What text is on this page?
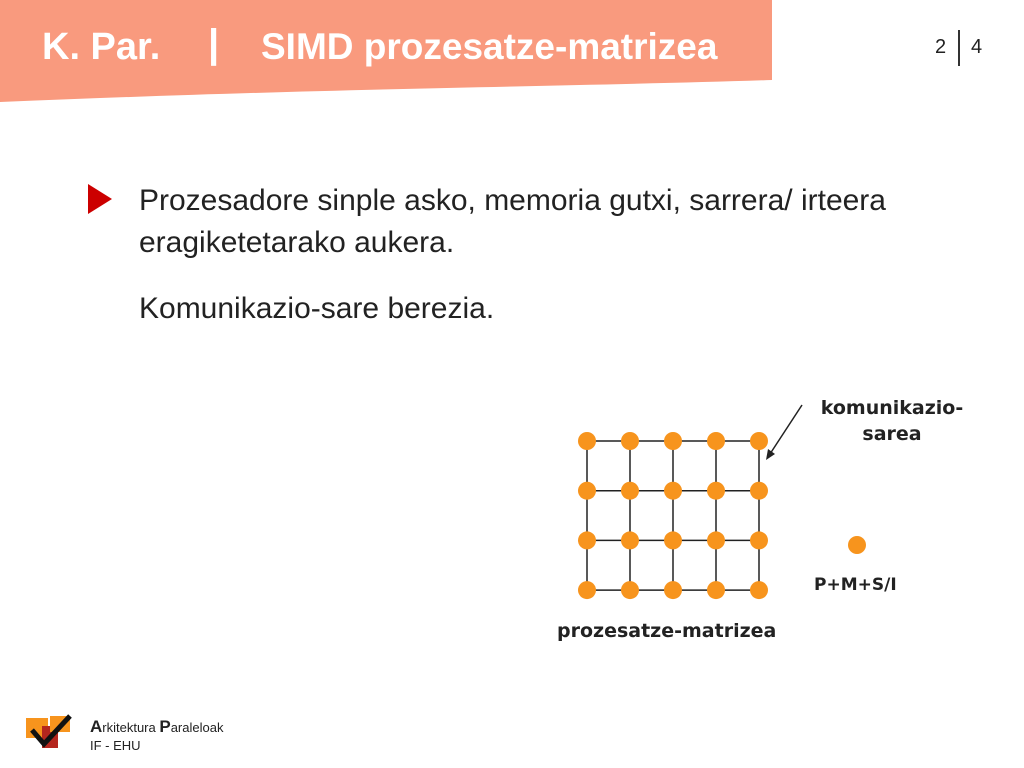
K. Par. | SIMD prozesatze-matrizea	2 4
Prozesadore sinple asko, memoria gutxi, sarrera/ irteera eragiketetarako aukera.
Komunikazio-sare berezia.
komunikazio-
sarea
P+M+S/I
prozesatze-matrizea
Arkitektura Paraleloak
IF - EHU
